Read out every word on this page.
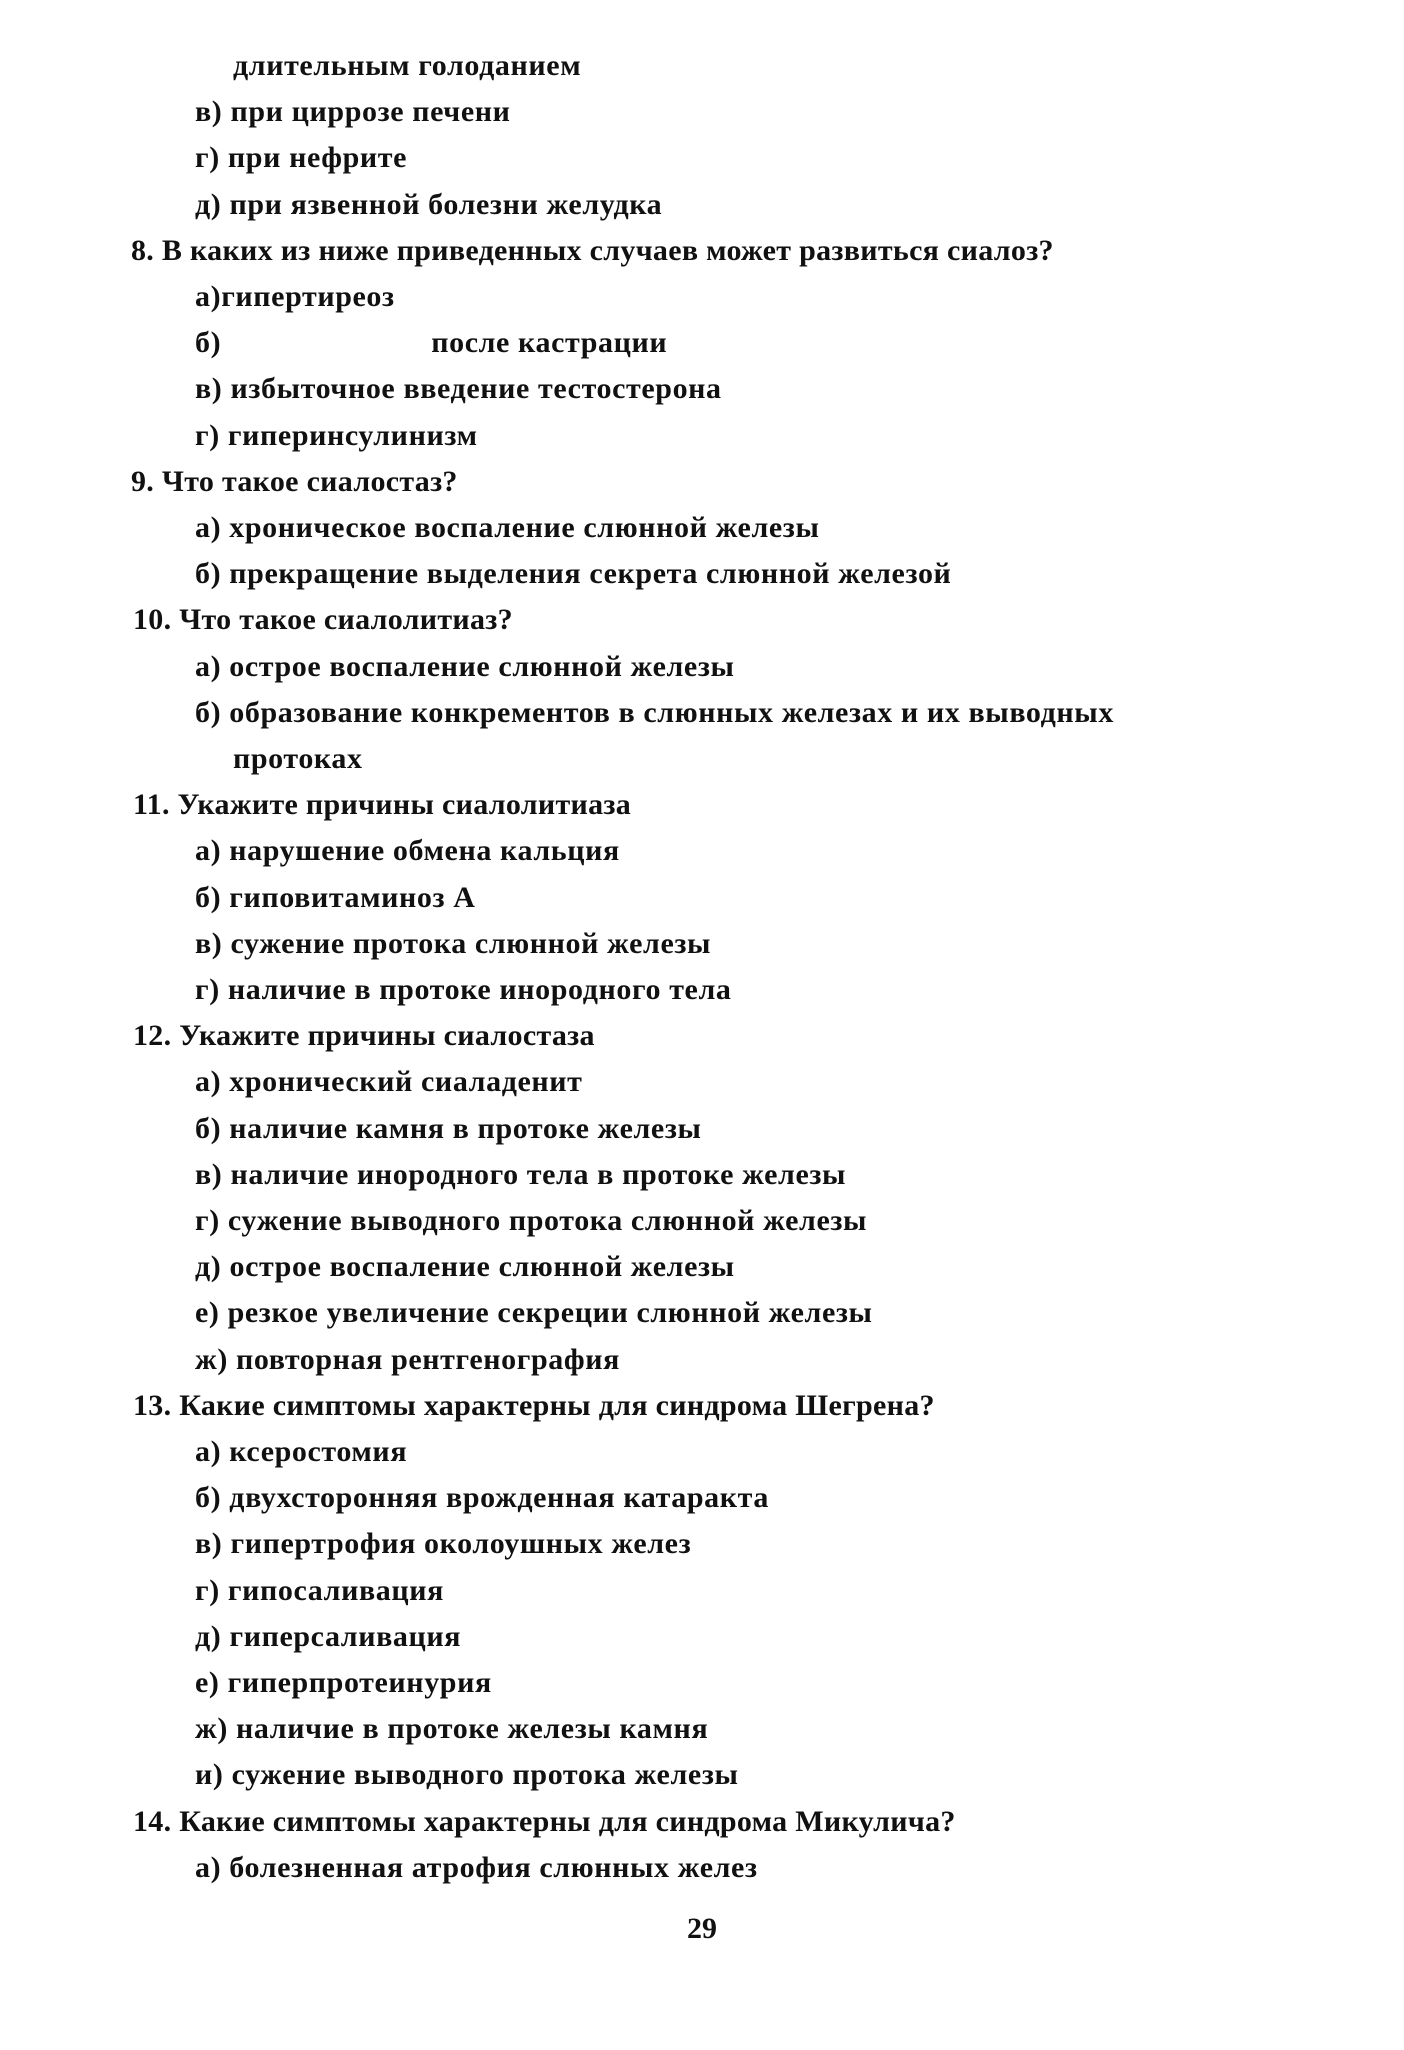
длительным голоданием
в) при циррозе печени
г) при нефрите
д) при язвенной болезни желудка
8. В каких из ниже приведенных случаев может развиться сиалоз?
а)гипертиреоз
б)	после кастрации
в) избыточное введение тестостерона
г) гиперинсулинизм
9. Что такое сиалостаз?
а) хроническое воспаление слюнной железы
б) прекращение выделения секрета слюнной железой
10. Что такое сиалолитиаз?
а) острое воспаление слюнной железы
б) образование конкрементов в слюнных железах и их выводных
протоках
11. Укажите причины сиалолитиаза
а) нарушение обмена кальция
б) гиповитаминоз А
в) сужение протока слюнной железы
г) наличие в протоке инородного тела
12. Укажите причины сиалостаза
а) хронический сиаладенит
б) наличие камня в протоке железы
в) наличие инородного тела в протоке железы
г) сужение выводного протока слюнной железы
д) острое воспаление слюнной железы
е) резкое увеличение секреции слюнной железы
ж) повторная рентгенография
13. Какие симптомы характерны для синдрома Шегрена?
а) ксеростомия
б) двухсторонняя врожденная катаракта
в) гипертрофия околоушных желез
г) гипосаливация
д) гиперсаливация
е) гиперпротеинурия
ж) наличие в протоке железы камня
и) сужение выводного протока железы
14. Какие симптомы характерны для синдрома Микулича?
а) болезненная атрофия слюнных желез
29
